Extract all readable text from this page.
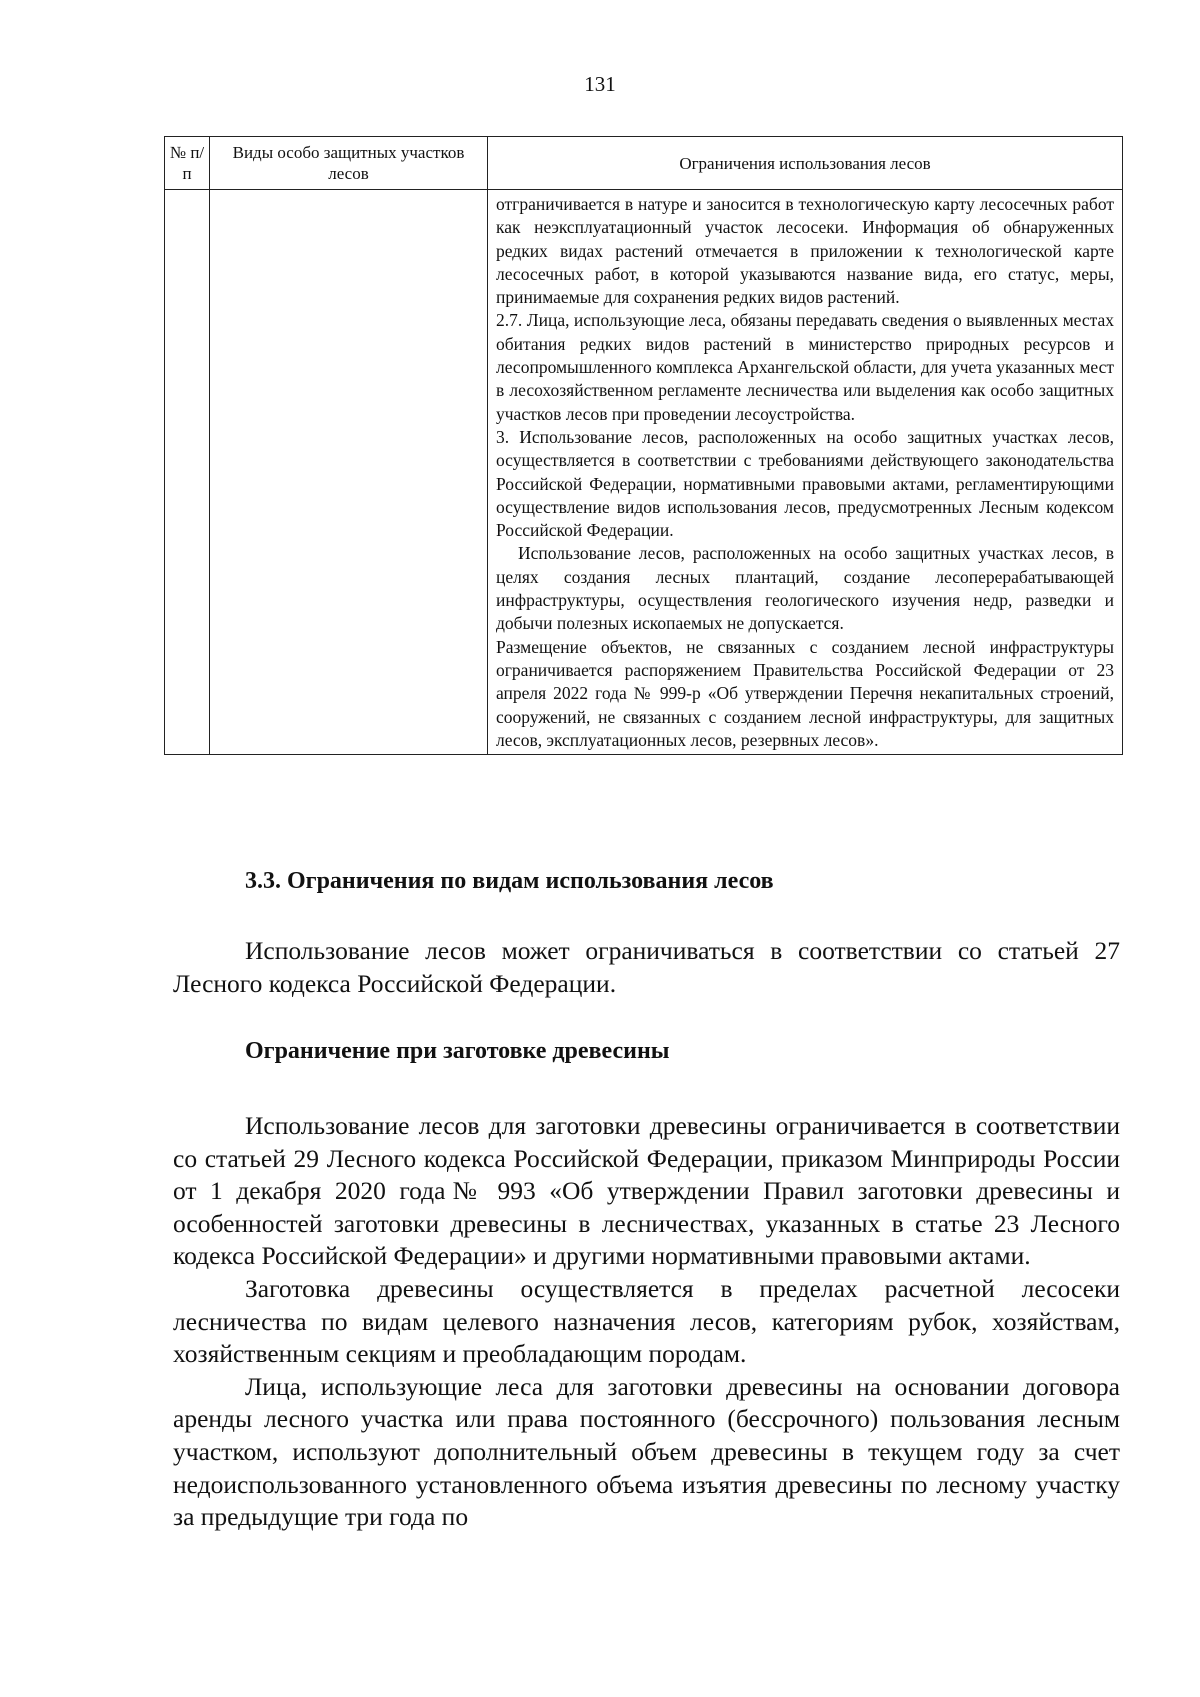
131
№ п/п	Виды особо защитных участков лесов	Ограничения использования лесов

		отграничивается в натуре и заносится в технологическую карту лесосечных работ как неэксплуатационный участок лесосеки. Информация об обнаруженных редких видах растений отмечается в приложении к технологической карте лесосечных работ, в которой указываются название вида, его статус, меры, принимаемые для сохранения редких видов растений.

2.7. Лица, использующие леса, обязаны передавать сведения о выявленных местах обитания редких видов растений в министерство природных ресурсов и лесопромышленного комплекса Архангельской области, для учета указанных мест в лесохозяйственном регламенте лесничества или выделения как особо защитных участков лесов при проведении лесоустройства.

3. Использование лесов, расположенных на особо защитных участках лесов, осуществляется в соответствии с требованиями действующего законодательства Российской Федерации, нормативными правовыми актами, регламентирующими осуществление видов использования лесов, предусмотренных Лесным кодексом Российской Федерации.

Использование лесов, расположенных на особо защитных участках лесов, в целях создания лесных плантаций, создание лесоперерабатывающей инфраструктуры, осуществления геологического изучения недр, разведки и добычи полезных ископаемых не допускается.

Размещение объектов, не связанных с созданием лесной инфраструктуры ограничивается распоряжением Правительства Российской Федерации от 23 апреля 2022 года № 999-р «Об утверждении Перечня некапитальных строений, сооружений, не связанных с созданием лесной инфраструктуры, для защитных лесов, эксплуатационных лесов, резервных лесов».

3.3. Ограничения по видам использования лесов

Использование лесов может ограничиваться в соответствии со статьей 27 Лесного кодекса Российской Федерации.

Ограничение при заготовке древесины

Использование лесов для заготовки древесины ограничивается в соответствии со статьей 29 Лесного кодекса Российской Федерации, приказом Минприроды России от 1 декабря 2020 года№ 993 «Об утверждении Правил заготовки древесины и особенностей заготовки древесины в лесничествах, указанных в статье 23 Лесного кодекса Российской Федерации» и другими нормативными правовыми актами.

Заготовка древесины осуществляется в пределах расчетной лесосеки лесничества по видам целевого назначения лесов, категориям рубок, хозяйствам, хозяйственным секциям и преобладающим породам.

Лица, использующие леса для заготовки древесины на основании договора аренды лесного участка или права постоянного (бессрочного) пользования лесным участком, используют дополнительный объем древесины в текущем году за счет недоиспользованного установленного объема изъятия древесины по лесному участку за предыдущие три года по
